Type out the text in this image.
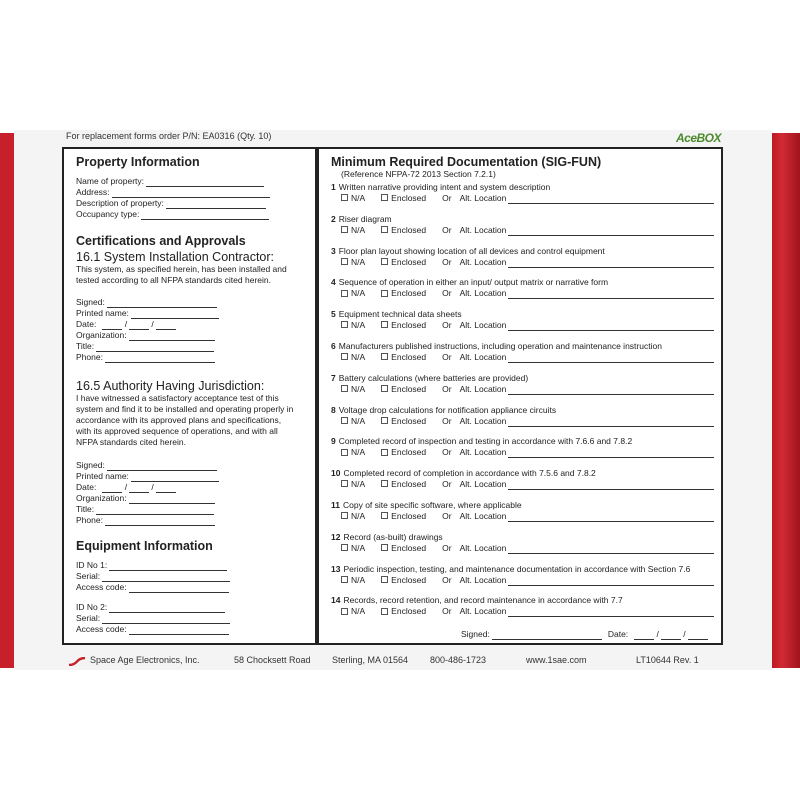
For replacement forms order P/N: EA0316 (Qty. 10)	AceBOX
Property Information
Name of property:
Address:
Description of property:
Occupancy type:
Certifications and Approvals
16.1 System Installation Contractor:
This system, as specified herein, has been installed and tested according to all NFPA standards cited herein.
Signed:
Printed name:
Date:	/	/
Organization:
Title:
Phone:
16.5 Authority Having Jurisdiction:
I have witnessed a satisfactory acceptance test of this system and find it to be installed and operating properly in accordance with its approved plans and specifications, with its approved sequence of operations, and with all NFPA standards cited herein.
Signed:
Printed name:
Date:	/	/
Organization:
Title:
Phone:
Equipment Information
ID No 1:
Serial:
Access code:
ID No 2:
Serial:
Access code:
Minimum Required Documentation (SIG-FUN)
(Reference NFPA-72 2013 Section 7.2.1)
1 Written narrative providing intent and system description
N/A	Enclosed	Or Alt. Location
2 Riser diagram
N/A	Enclosed	Or Alt. Location
3 Floor plan layout showing location of all devices and control equipment
N/A	Enclosed	Or Alt. Location
4 Sequence of operation in either an input/ output matrix or narrative form
N/A	Enclosed	Or Alt. Location
5 Equipment technical data sheets
N/A	Enclosed	Or Alt. Location
6 Manufacturers published instructions, including operation and maintenance instruction
N/A	Enclosed	Or Alt. Location
7 Battery calculations (where batteries are provided)
N/A	Enclosed	Or Alt. Location
8 Voltage drop calculations for notification appliance circuits
N/A	Enclosed	Or Alt. Location
9 Completed record of inspection and testing in accordance with 7.6.6 and 7.8.2
N/A	Enclosed	Or Alt. Location
10 Completed record of completion in accordance with 7.5.6 and 7.8.2
N/A	Enclosed	Or Alt. Location
11 Copy of site specific software, where applicable
N/A	Enclosed	Or Alt. Location
12 Record (as-built) drawings
N/A	Enclosed	Or Alt. Location
13 Periodic inspection, testing, and maintenance documentation in accordance with Section 7.6
N/A	Enclosed	Or Alt. Location
14 Records, record retention, and record maintenance in accordance with 7.7
N/A	Enclosed	Or Alt. Location
Signed:	Date:	/	/
Space Age Electronics, Inc.	58 Chocksett Road Sterling, MA 01564 800-486-1723	www.1sae.com	LT10644 Rev. 1
